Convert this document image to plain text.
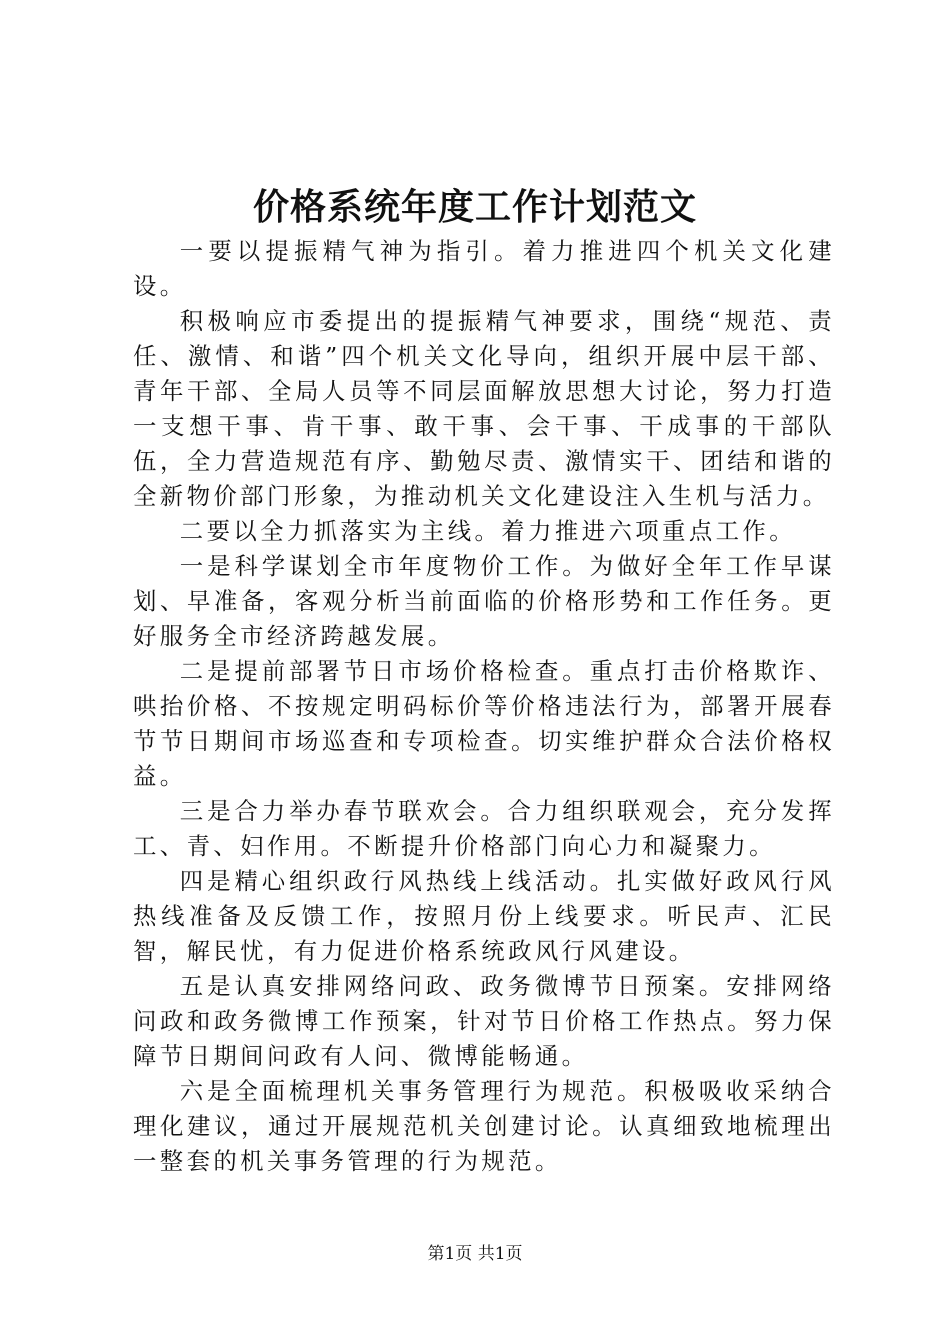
价格系统年度工作计划范文

一要以提振精气神为指引。着力推进四个机关文化建设。

积极响应市委提出的提振精气神要求，围绕“规范、责任、激情、和谐”四个机关文化导向，组织开展中层干部、青年干部、全局人员等不同层面解放思想大讨论，努力打造一支想干事、肯干事、敢干事、会干事、干成事的干部队伍，全力营造规范有序、勤勉尽责、激情实干、团结和谐的全新物价部门形象，为推动机关文化建设注入生机与活力。

二要以全力抓落实为主线。着力推进六项重点工作。

一是科学谋划全市年度物价工作。为做好全年工作早谋划、早准备，客观分析当前面临的价格形势和工作任务。更好服务全市经济跨越发展。

二是提前部署节日市场价格检查。重点打击价格欺诈、哄抬价格、不按规定明码标价等价格违法行为，部署开展春节节日期间市场巡查和专项检查。切实维护群众合法价格权益。

三是合力举办春节联欢会。合力组织联观会，充分发挥工、青、妇作用。不断提升价格部门向心力和凝聚力。

四是精心组织政行风热线上线活动。扎实做好政风行风热线准备及反馈工作，按照月份上线要求。听民声、汇民智，解民忧，有力促进价格系统政风行风建设。

五是认真安排网络问政、政务微博节日预案。安排网络问政和政务微博工作预案，针对节日价格工作热点。努力保障节日期间问政有人问、微博能畅通。

六是全面梳理机关事务管理行为规范。积极吸收采纳合理化建议，通过开展规范机关创建讨论。认真细致地梳理出一整套的机关事务管理的行为规范。

第1页 共1页
